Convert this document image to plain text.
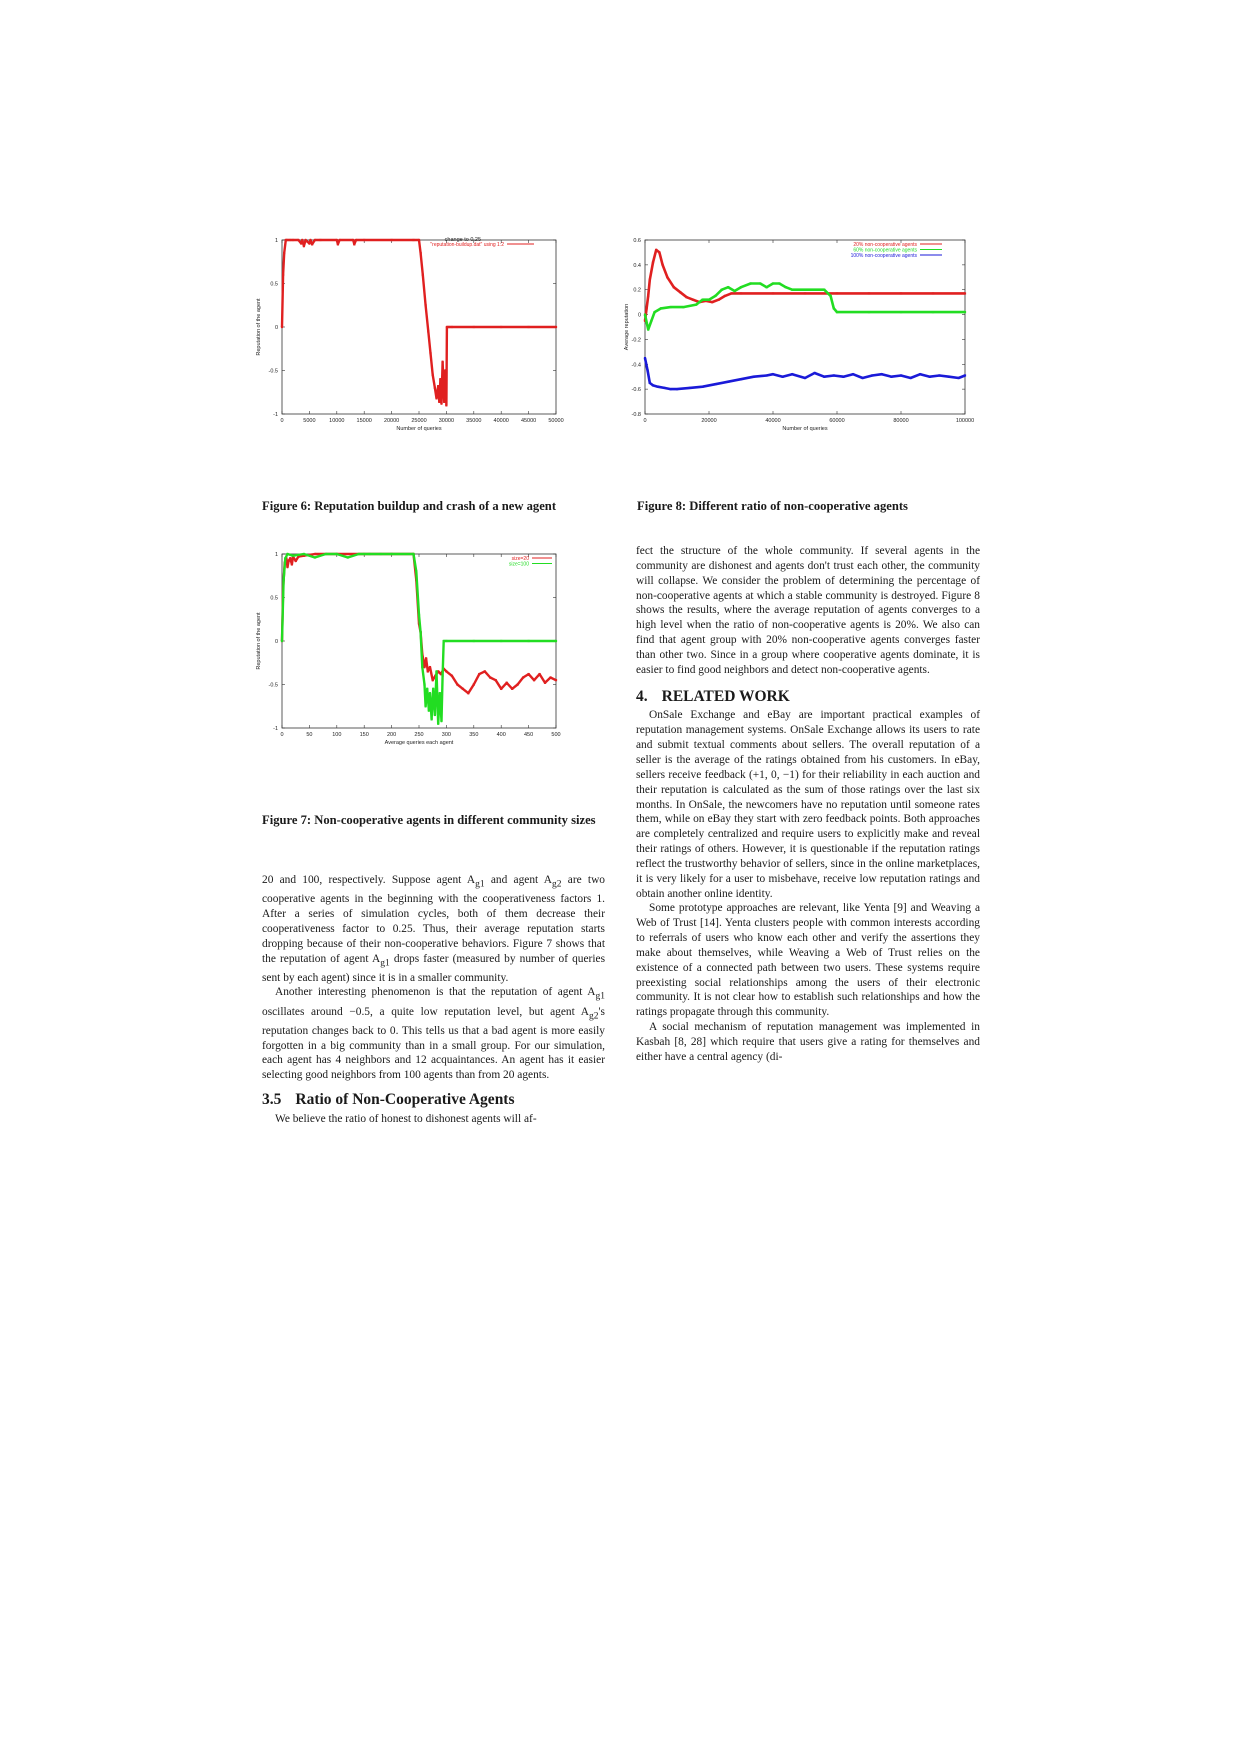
0	5000 10000 15000 20000 25000 30000 35000 40000 45000 50000
-1
-0.5
0
0.5
1
Number of queries
Reputation of the agent
"reputation-buildup.dat" using 1:2
change to 0.25
Figure 6: Reputation buildup and crash of a new agent
0	20000	40000	60000	80000	100000
-0.8
-0.6
-0.4
-0.2
0
0.2
0.4
0.6
Number of queries
Average reputation
20% non-cooperative agents
60% non-cooperative agents
100% non-cooperative agents
Figure 8: Different ratio of non-cooperative agents
0	50	100	150	200	250	300	350	400	450	500
-1
-0.5
0
0.5
1
Average queries each agent
Reputation of the agent
size=20
size=100
Figure 7: Non-cooperative agents in different community sizes

20 and 100, respectively. Suppose agent $A_{g1}$ and agent $A_{g2}$ are two cooperative agents in the beginning with the cooperativeness factors 1. After a series of simulation cycles, both of them decrease their cooperativeness factor to 0.25. Thus, their average reputation starts dropping because of their non-cooperative behaviors. Figure 7 shows that the reputation of agent $A_{g1}$ drops faster (measured by number of queries sent by each agent) since it is in a smaller community.

Another interesting phenomenon is that the reputation of agent $A_{g1}$ oscillates around −0.5, a quite low reputation level, but agent $A_{g2}'s$ reputation changes back to 0. This tells us that a bad agent is more easily forgotten in a big community than in a small group. For our simulation, each agent has 4 neighbors and 12 acquaintances. An agent has it easier selecting good neighbors from 100 agents than from 20 agents.

3.5 Ratio of Non-Cooperative Agents

We believe the ratio of honest to dishonest agents will af-

fect the structure of the whole community. If several agents in the community are dishonest and agents don't trust each other, the community will collapse. We consider the problem of determining the percentage of non-cooperative agents at which a stable community is destroyed. Figure 8 shows the results, where the average reputation of agents converges to a high level when the ratio of non-cooperative agents is 20%. We also can find that agent group with 20% non-cooperative agents converges faster than other two. Since in a group where cooperative agents dominate, it is easier to find good neighbors and detect non-cooperative agents.

4. RELATED WORK

OnSale Exchange and eBay are important practical examples of reputation management systems. OnSale Exchange allows its users to rate and submit textual comments about sellers. The overall reputation of a seller is the average of the ratings obtained from his customers. In eBay, sellers receive feedback (+1, 0, −1) for their reliability in each auction and their reputation is calculated as the sum of those ratings over the last six months. In OnSale, the newcomers have no reputation until someone rates them, while on eBay they start with zero feedback points. Both approaches are completely centralized and require users to explicitly make and reveal their ratings of others. However, it is questionable if the reputation ratings reflect the trustworthy behavior of sellers, since in the online marketplaces, it is very likely for a user to misbehave, receive low reputation ratings and obtain another online identity.

Some prototype approaches are relevant, like Yenta [9] and Weaving a Web of Trust [14]. Yenta clusters people with common interests according to referrals of users who know each other and verify the assertions they make about themselves, while Weaving a Web of Trust relies on the existence of a connected path between two users. These systems require preexisting social relationships among the users of their electronic community. It is not clear how to establish such relationships and how the ratings propagate through this community.

A social mechanism of reputation management was implemented in Kasbah [8, 28] which require that users give a rating for themselves and either have a central agency (di-
